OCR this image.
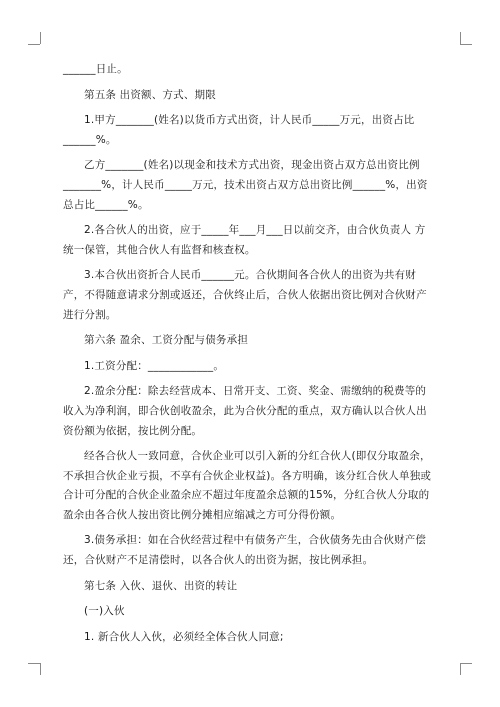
______日止。

第五条 出资额、方式、期限

1.甲方_______(姓名)以货币方式出资，计人民币_____万元，出资占比______%。

乙方_______(姓名)以现金和技术方式出资，现金出资占双方总出资比例_______%，计人民币_____万元，技术出资占双方总出资比例______%，出资总占比______%。

2.各合伙人的出资，应于_____年___月___日以前交齐，由合伙负责人 方统一保管，其他合伙人有监督和核查权。

3.本合伙出资折合人民币______元。合伙期间各合伙人的出资为共有财产，不得随意请求分割或返还，合伙终止后，合伙人依据出资比例对合伙财产进行分割。

第六条 盈余、工资分配与债务承担

1.工资分配：____________。

2.盈余分配：除去经营成本、日常开支、工资、奖金、需缴纳的税费等的收入为净利润，即合伙创收盈余，此为合伙分配的重点，双方确认以合伙人出资份额为依据，按比例分配。

经各合伙人一致同意，合伙企业可以引入新的分红合伙人(即仅分取盈余，不承担合伙企业亏损，不享有合伙企业权益)。各方明确，该分红合伙人单独或合计可分配的合伙企业盈余应不超过年度盈余总额的15%，分红合伙人分取的盈余由各合伙人按出资比例分摊相应缩减之方可分得份额。

3.债务承担：如在合伙经营过程中有债务产生，合伙债务先由合伙财产偿还，合伙财产不足清偿时，以各合伙人的出资为据，按比例承担。

第七条 入伙、退伙、出资的转让

(一)入伙

1. 新合伙人入伙，必须经全体合伙人同意;
